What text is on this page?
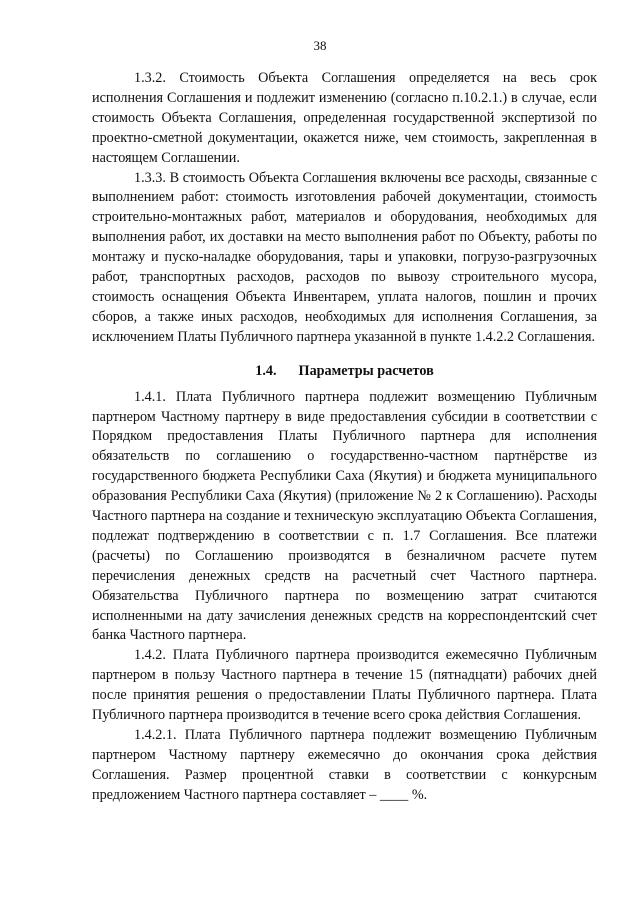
38

1.3.2. Стоимость Объекта Соглашения определяется на весь срок исполнения Соглашения и подлежит изменению (согласно п.10.2.1.) в случае, если стоимость Объекта Соглашения, определенная государственной экспертизой по проектно-сметной документации, окажется ниже, чем стоимость, закрепленная в настоящем Соглашении.

1.3.3. В стоимость Объекта Соглашения включены все расходы, связанные с выполнением работ: стоимость изготовления рабочей документации, стоимость строительно-монтажных работ, материалов и оборудования, необходимых для выполнения работ, их доставки на место выполнения работ по Объекту, работы по монтажу и пуско-наладке оборудования, тары и упаковки, погрузо-разгрузочных работ, транспортных расходов, расходов по вывозу строительного мусора, стоимость оснащения Объекта Инвентарем, уплата налогов, пошлин и прочих сборов, а также иных расходов, необходимых для исполнения Соглашения, за исключением Платы Публичного партнера указанной в пункте 1.4.2.2 Соглашения.

1.4. Параметры расчетов

1.4.1. Плата Публичного партнера подлежит возмещению Публичным партнером Частному партнеру в виде предоставления субсидии в соответствии с Порядком предоставления Платы Публичного партнера для исполнения обязательств по соглашению о государственно-частном партнёрстве из государственного бюджета Республики Саха (Якутия) и бюджета муниципального образования Республики Саха (Якутия) (приложение № 2 к Соглашению). Расходы Частного партнера на создание и техническую эксплуатацию Объекта Соглашения, подлежат подтверждению в соответствии с п. 1.7 Соглашения. Все платежи (расчеты) по Соглашению производятся в безналичном расчете путем перечисления денежных средств на расчетный счет Частного партнера. Обязательства Публичного партнера по возмещению затрат считаются исполненными на дату зачисления денежных средств на корреспондентский счет банка Частного партнера.

1.4.2. Плата Публичного партнера производится ежемесячно Публичным партнером в пользу Частного партнера в течение 15 (пятнадцати) рабочих дней после принятия решения о предоставлении Платы Публичного партнера. Плата Публичного партнера производится в течение всего срока действия Соглашения.

1.4.2.1. Плата Публичного партнера подлежит возмещению Публичным партнером Частному партнеру ежемесячно до окончания срока действия Соглашения. Размер процентной ставки в соответствии с конкурсным предложением Частного партнера составляет – ____ %.
